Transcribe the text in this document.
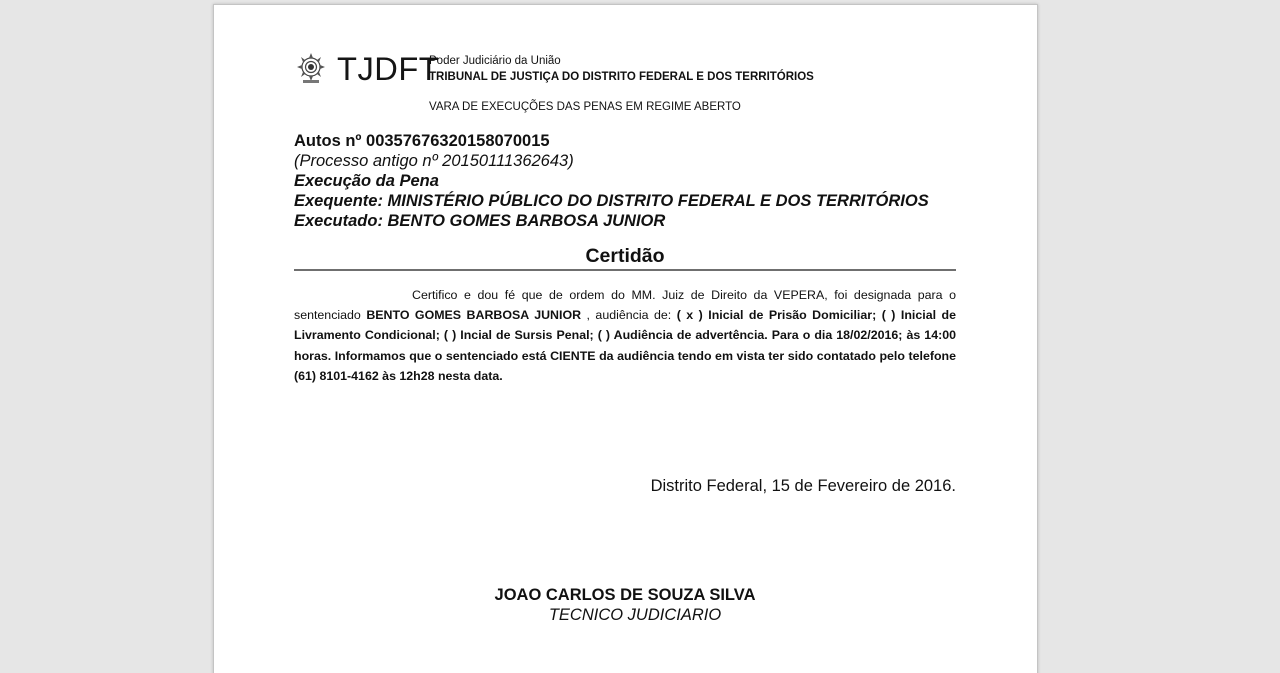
TJDFT
Poder Judiciário da União
TRIBUNAL DE JUSTIÇA DO DISTRITO FEDERAL E DOS TERRITÓRIOS
VARA DE EXECUÇÕES DAS PENAS EM REGIME ABERTO
Autos nº 00357676320158070015
(Processo antigo nº 20150111362643)
Execução da Pena
Exequente: MINISTÉRIO PÚBLICO DO DISTRITO FEDERAL E DOS TERRITÓRIOS
Executado: BENTO GOMES BARBOSA JUNIOR
Certidão
Certifico e dou fé que de ordem do MM. Juiz de Direito da VEPERA, foi designada para o sentenciado BENTO GOMES BARBOSA JUNIOR , audiência de: ( x ) Inicial de Prisão Domiciliar; ( ) Inicial de Livramento Condicional; ( ) Incial de Sursis Penal; ( ) Audiência de advertência. Para o dia 18/02/2016; às 14:00 horas. Informamos que o sentenciado está CIENTE da audiência tendo em vista ter sido contatado pelo telefone (61) 8101-4162 às 12h28 nesta data.
Distrito Federal, 15 de Fevereiro de 2016.
JOAO CARLOS DE SOUZA SILVA
TECNICO JUDICIARIO
